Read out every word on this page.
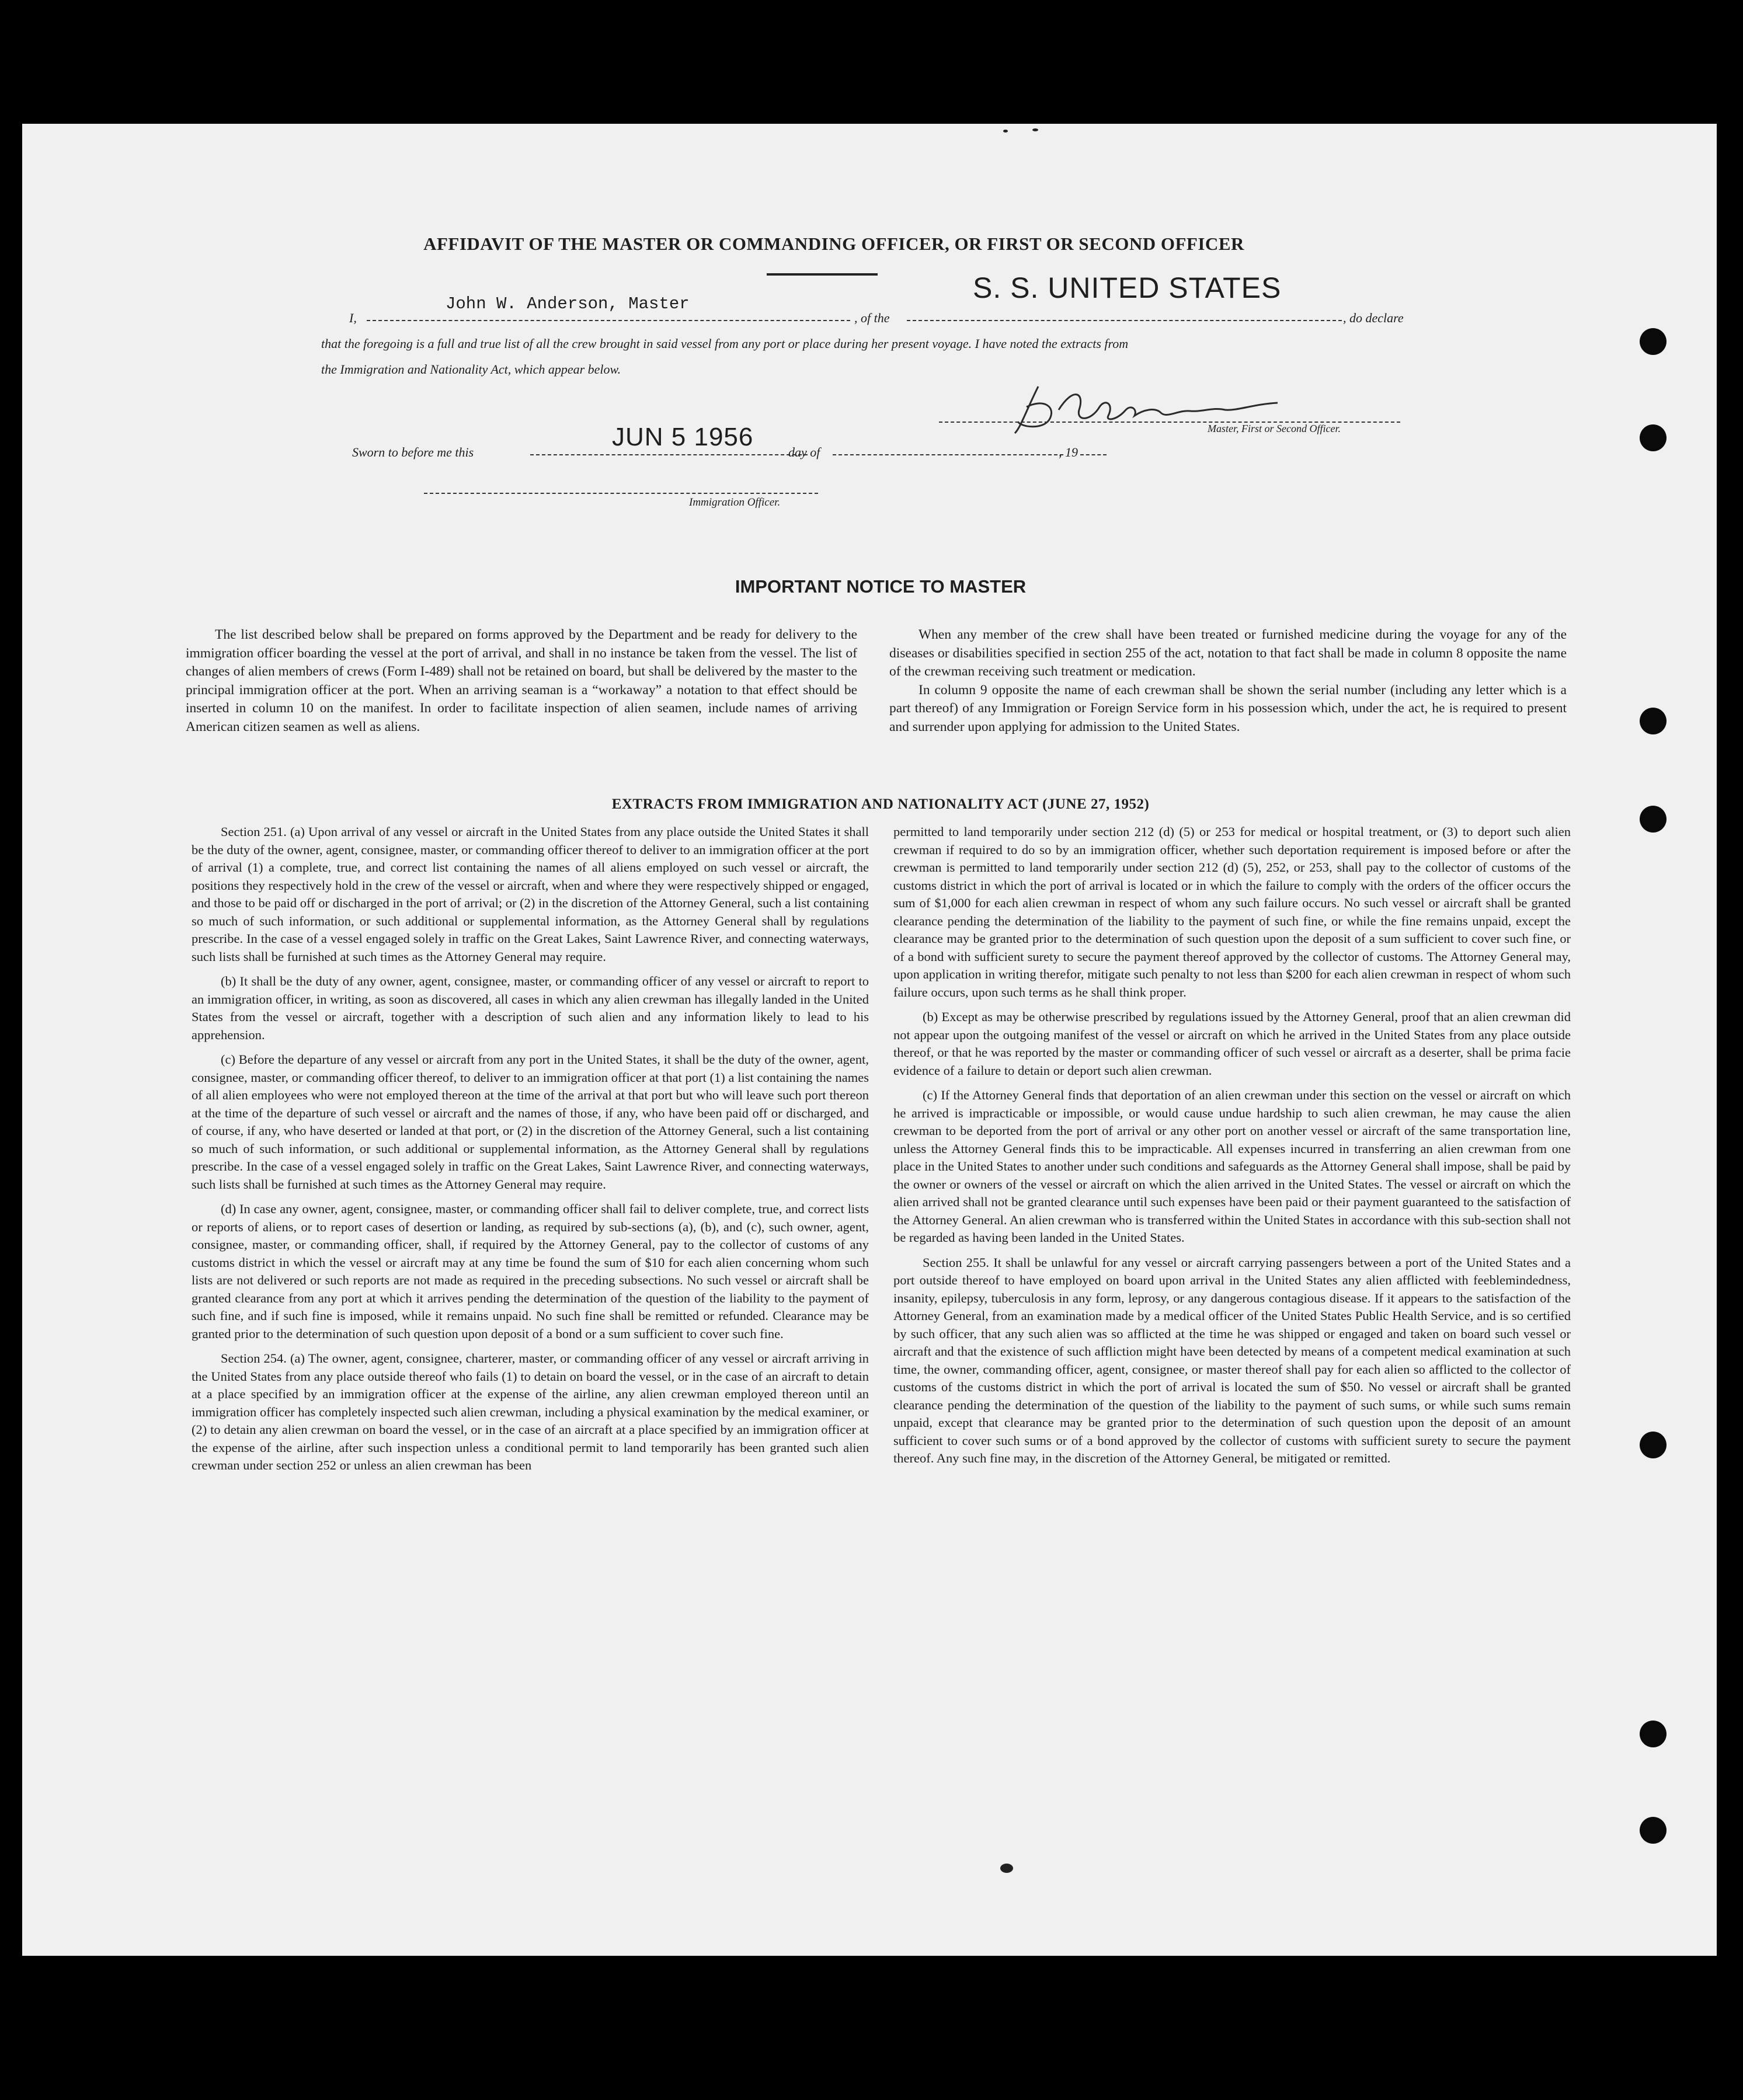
AFFIDAVIT OF THE MASTER OR COMMANDING OFFICER, OR FIRST OR SECOND OFFICER
I,
John W. Anderson, Master
, of the
S. S. UNITED STATES
, do declare
that the foregoing is a full and true list of all the crew brought in said vessel from any port or place during her present voyage. I have noted the extracts from
the Immigration and Nationality Act, which appear below.
Master, First or Second Officer.
Sworn to before me this
JUN 5 1956
day of	, 19
Immigration Officer.
IMPORTANT NOTICE TO MASTER

The list described below shall be prepared on forms approved by the Department and be ready for delivery to the immigration officer boarding the vessel at the port of arrival, and shall in no instance be taken from the vessel. The list of changes of alien members of crews (Form I-489) shall not be retained on board, but shall be delivered by the master to the principal immigration officer at the port. When an arriving seaman is a “workaway” a notation to that effect should be inserted in column 10 on the manifest. In order to facilitate inspection of alien seamen, include names of arriving American citizen seamen as well as aliens.

When any member of the crew shall have been treated or furnished medicine during the voyage for any of the diseases or disabilities specified in section 255 of the act, notation to that fact shall be made in column 8 opposite the name of the crewman receiving such treatment or medication.

In column 9 opposite the name of each crewman shall be shown the serial number (including any letter which is a part thereof) of any Immigration or Foreign Service form in his possession which, under the act, he is required to present and surrender upon applying for admission to the United States.

EXTRACTS FROM IMMIGRATION AND NATIONALITY ACT (JUNE 27, 1952)

Section 251. (a) Upon arrival of any vessel or aircraft in the United States from any place outside the United States it shall be the duty of the owner, agent, consignee, master, or commanding officer thereof to deliver to an immigration officer at the port of arrival (1) a complete, true, and correct list containing the names of all aliens employed on such vessel or aircraft, the positions they respectively hold in the crew of the vessel or aircraft, when and where they were respectively shipped or engaged, and those to be paid off or discharged in the port of arrival; or (2) in the discretion of the Attorney General, such a list containing so much of such information, or such additional or supplemental information, as the Attorney General shall by regulations prescribe. In the case of a vessel engaged solely in traffic on the Great Lakes, Saint Lawrence River, and connecting waterways, such lists shall be furnished at such times as the Attorney General may require.

(b) It shall be the duty of any owner, agent, consignee, master, or commanding officer of any vessel or aircraft to report to an immigration officer, in writing, as soon as discovered, all cases in which any alien crewman has illegally landed in the United States from the vessel or aircraft, together with a description of such alien and any information likely to lead to his apprehension.

(c) Before the departure of any vessel or aircraft from any port in the United States, it shall be the duty of the owner, agent, consignee, master, or commanding officer thereof, to deliver to an immigration officer at that port (1) a list containing the names of all alien employees who were not employed thereon at the time of the arrival at that port but who will leave such port thereon at the time of the departure of such vessel or aircraft and the names of those, if any, who have been paid off or discharged, and of course, if any, who have deserted or landed at that port, or (2) in the discretion of the Attorney General, such a list containing so much of such information, or such additional or supplemental information, as the Attorney General shall by regulations prescribe. In the case of a vessel engaged solely in traffic on the Great Lakes, Saint Lawrence River, and connecting waterways, such lists shall be furnished at such times as the Attorney General may require.

(d) In case any owner, agent, consignee, master, or commanding officer shall fail to deliver complete, true, and correct lists or reports of aliens, or to report cases of desertion or landing, as required by sub-sections (a), (b), and (c), such owner, agent, consignee, master, or commanding officer, shall, if required by the Attorney General, pay to the collector of customs of any customs district in which the vessel or aircraft may at any time be found the sum of $10 for each alien concerning whom such lists are not delivered or such reports are not made as required in the preceding subsections. No such vessel or aircraft shall be granted clearance from any port at which it arrives pending the determination of the question of the liability to the payment of such fine, and if such fine is imposed, while it remains unpaid. No such fine shall be remitted or refunded. Clearance may be granted prior to the determination of such question upon deposit of a bond or a sum sufficient to cover such fine.

Section 254. (a) The owner, agent, consignee, charterer, master, or commanding officer of any vessel or aircraft arriving in the United States from any place outside thereof who fails (1) to detain on board the vessel, or in the case of an aircraft to detain at a place specified by an immigration officer at the expense of the airline, any alien crewman employed thereon until an immigration officer has completely inspected such alien crewman, including a physical examination by the medical examiner, or (2) to detain any alien crewman on board the vessel, or in the case of an aircraft at a place specified by an immigration officer at the expense of the airline, after such inspection unless a conditional permit to land temporarily has been granted such alien crewman under section 252 or unless an alien crewman has been

permitted to land temporarily under section 212 (d) (5) or 253 for medical or hospital treatment, or (3) to deport such alien crewman if required to do so by an immigration officer, whether such deportation requirement is imposed before or after the crewman is permitted to land temporarily under section 212 (d) (5), 252, or 253, shall pay to the collector of customs of the customs district in which the port of arrival is located or in which the failure to comply with the orders of the officer occurs the sum of $1,000 for each alien crewman in respect of whom any such failure occurs. No such vessel or aircraft shall be granted clearance pending the determination of the liability to the payment of such fine, or while the fine remains unpaid, except the clearance may be granted prior to the determination of such question upon the deposit of a sum sufficient to cover such fine, or of a bond with sufficient surety to secure the payment thereof approved by the collector of customs. The Attorney General may, upon application in writing therefor, mitigate such penalty to not less than $200 for each alien crewman in respect of whom such failure occurs, upon such terms as he shall think proper.

(b) Except as may be otherwise prescribed by regulations issued by the Attorney General, proof that an alien crewman did not appear upon the outgoing manifest of the vessel or aircraft on which he arrived in the United States from any place outside thereof, or that he was reported by the master or commanding officer of such vessel or aircraft as a deserter, shall be prima facie evidence of a failure to detain or deport such alien crewman.

(c) If the Attorney General finds that deportation of an alien crewman under this section on the vessel or aircraft on which he arrived is impracticable or impossible, or would cause undue hardship to such alien crewman, he may cause the alien crewman to be deported from the port of arrival or any other port on another vessel or aircraft of the same transportation line, unless the Attorney General finds this to be impracticable. All expenses incurred in transferring an alien crewman from one place in the United States to another under such conditions and safeguards as the Attorney General shall impose, shall be paid by the owner or owners of the vessel or aircraft on which the alien arrived in the United States. The vessel or aircraft on which the alien arrived shall not be granted clearance until such expenses have been paid or their payment guaranteed to the satisfaction of the Attorney General. An alien crewman who is transferred within the United States in accordance with this sub-section shall not be regarded as having been landed in the United States.

Section 255. It shall be unlawful for any vessel or aircraft carrying passengers between a port of the United States and a port outside thereof to have employed on board upon arrival in the United States any alien afflicted with feeblemindedness, insanity, epilepsy, tuberculosis in any form, leprosy, or any dangerous contagious disease. If it appears to the satisfaction of the Attorney General, from an examination made by a medical officer of the United States Public Health Service, and is so certified by such officer, that any such alien was so afflicted at the time he was shipped or engaged and taken on board such vessel or aircraft and that the existence of such affliction might have been detected by means of a competent medical examination at such time, the owner, commanding officer, agent, consignee, or master thereof shall pay for each alien so afflicted to the collector of customs of the customs district in which the port of arrival is located the sum of $50. No vessel or aircraft shall be granted clearance pending the determination of the question of the liability to the payment of such sums, or while such sums remain unpaid, except that clearance may be granted prior to the determination of such question upon the deposit of an amount sufficient to cover such sums or of a bond approved by the collector of customs with sufficient surety to secure the payment thereof. Any such fine may, in the discretion of the Attorney General, be mitigated or remitted.
